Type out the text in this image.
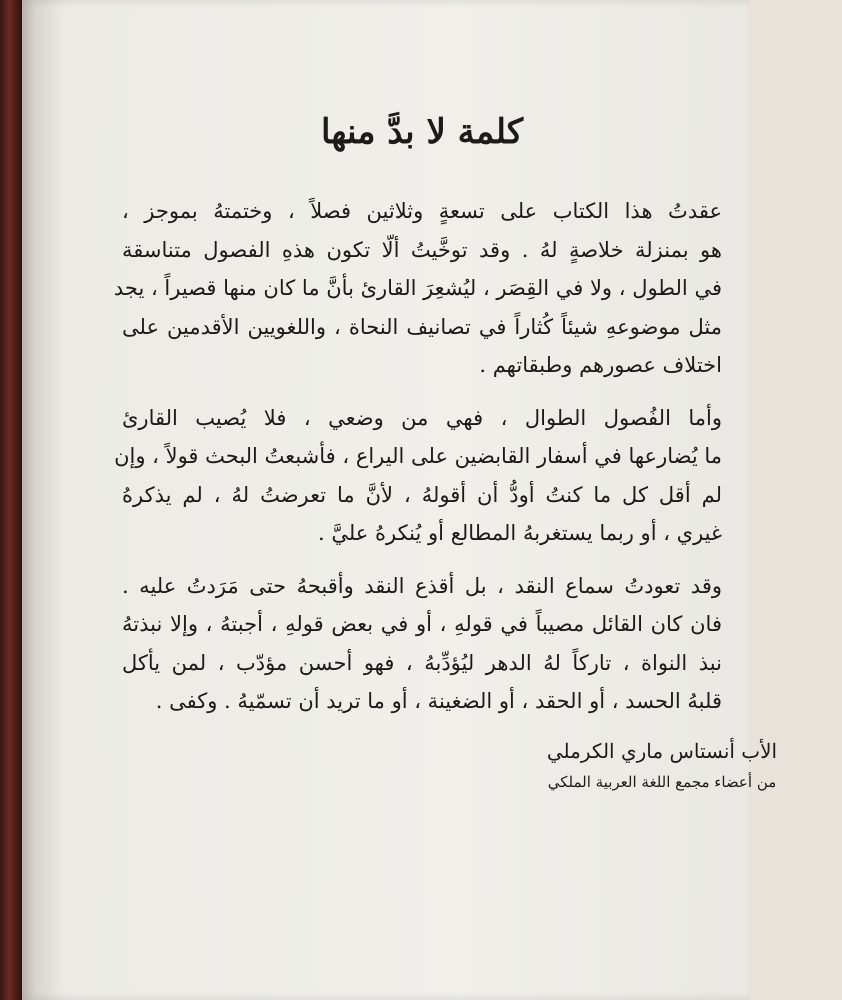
كلمة لا بدَّ منها
عقدتُ هذا الكتاب على تسعةٍ وثلاثين فصلاً ، وختمتهُ بموجز ،
هو بمنزلة خلاصةٍ لهُ . وقد توخَّيتُ ألّا تكون هذهِ الفصول متناسقة
في الطول ، ولا في القِصَر ، ليُشعِرَ القارئ بأنَّ ما كان منها قصيراً ، يجد
مثل موضوعهِ شيئاً كُثاراً في تصانيف النحاة ، واللغويين الأقدمين على
اختلاف عصورهم وطبقاتهم .
وأما الفُصول الطوال ، فهي من وضعي ، فلا يُصيب القارئ
ما يُضارعها في أسفار القابضين على اليراع ، فأشبعتُ البحث قولاً ، وإن
لم أقل كل ما كنتُ أودُّ أن أقولهُ ، لأنَّ ما تعرضتُ لهُ ، لم يذكرهُ
غيري ، أو ربما يستغربهُ المطالع أو يُنكرهُ عليَّ .
وقد تعودتُ سماع النقد ، بل أقذع النقد وأقبحهُ حتى مَرَدتُ عليه .
فان كان القائل مصيباً في قولهِ ، أو في بعض قولهِ ، أجبتهُ ، وإلا نبذتهُ
نبذ النواة ، تاركاً لهُ الدهر ليُؤدِّبهُ ، فهو أحسن مؤدّب ، لمن يأكل
قلبهُ الحسد ، أو الحقد ، أو الضغينة ، أو ما تريد أن تسمّيهُ . وكفى .
الأب أنستاس ماري الكرملي
من أعضاء مجمع اللغة العربية الملكي
